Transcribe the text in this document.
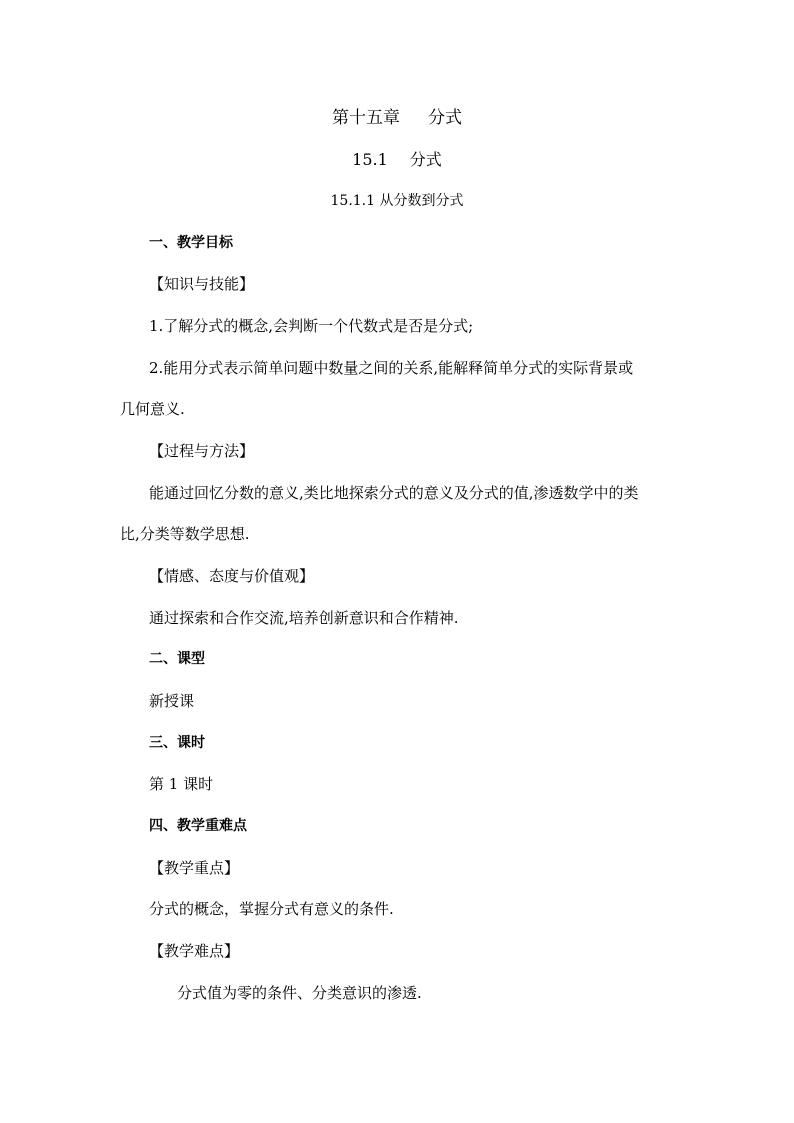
第十五章 分式
15.1 分式
15.1.1 从分数到分式
一、教学目标
【知识与技能】
1.了解分式的概念,会判断一个代数式是否是分式;
2.能用分式表示简单问题中数量之间的关系,能解释简单分式的实际背景或
几何意义.
【过程与方法】
能通过回忆分数的意义,类比地探索分式的意义及分式的值,渗透数学中的类
比,分类等数学思想.
【情感、态度与价值观】
通过探索和合作交流,培养创新意识和合作精神.
二、课型
新授课
三、课时
第 1 课时
四、教学重难点
【教学重点】
分式的概念，掌握分式有意义的条件.
【教学难点】
分式值为零的条件、分类意识的渗透.
